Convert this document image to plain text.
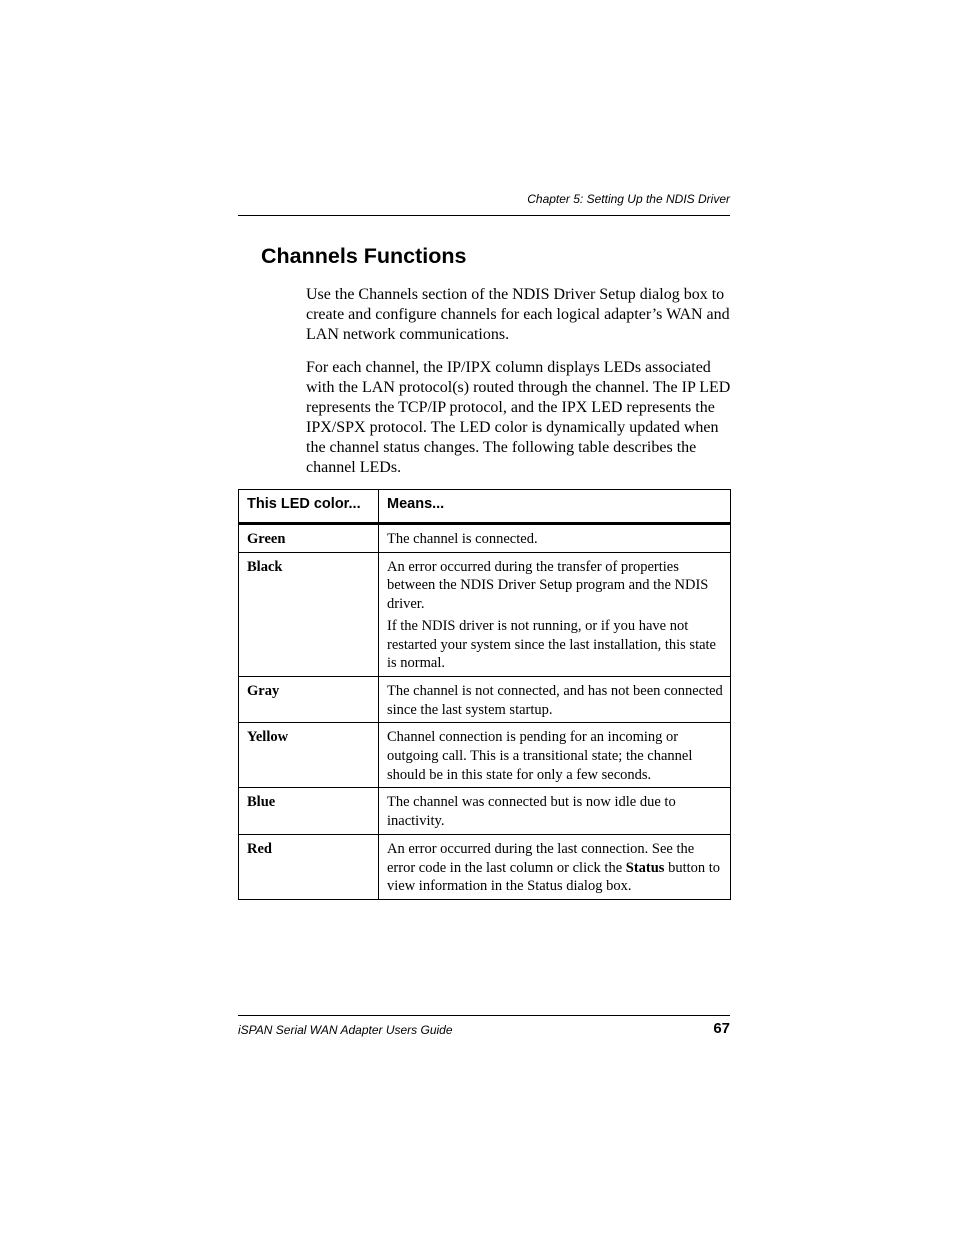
Chapter 5: Setting Up the NDIS Driver
Channels Functions

Use the Channels section of the NDIS Driver Setup dialog box to create and configure channels for each logical adapter’s WAN and LAN network communications.

For each channel, the IP/IPX column displays LEDs associated with the LAN protocol(s) routed through the channel. The IP LED represents the TCP/IP protocol, and the IPX LED represents the IPX/SPX protocol. The LED color is dynamically updated when the channel status changes. The following table describes the channel LEDs.

This LED color...	Means...
Green	The channel is connected.

Black	An error occurred during the transfer of properties between the NDIS Driver Setup program and the NDIS driver.

If the NDIS driver is not running, or if you have not restarted your system since the last installation, this state is normal.

Gray	The channel is not connected, and has not been connected since the last system startup.

Yellow	Channel connection is pending for an incoming or outgoing call. This is a transitional state; the channel should be in this state for only a few seconds.

Blue	The channel was connected but is now idle due to inactivity.

Red	An error occurred during the last connection. See the error code in the last column or click the Status button to view information in the Status dialog box.

iSPAN Serial WAN Adapter Users Guide	67
